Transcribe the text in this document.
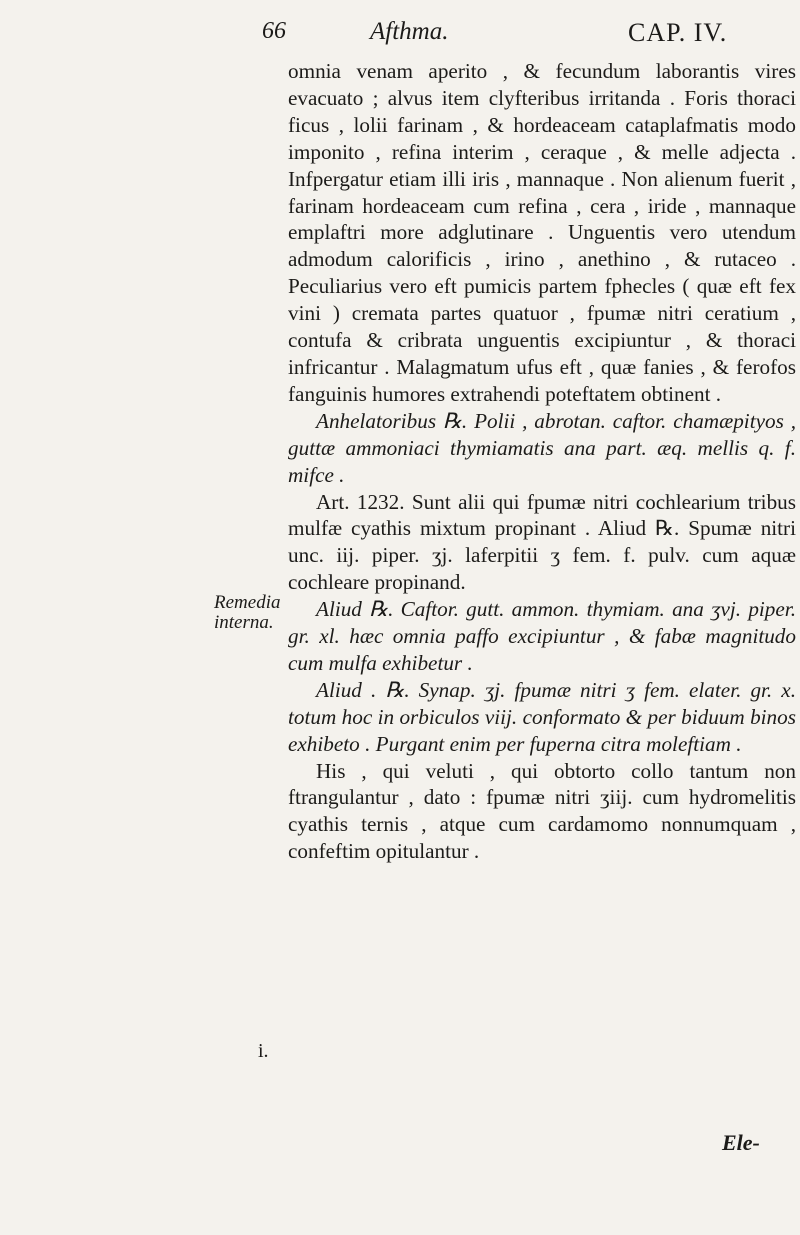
66	Afthma.	CAP. IV.
Remedia
interna.
i.

omnia venam aperito , & fecundum laborantis vires evacuato ; alvus item clyfteribus irritanda . Foris thoraci ficus , lolii farinam , & hordeaceam cataplafmatis modo imponito , refina interim , ceraque , & melle adjecta . Infpergatur etiam illi iris , mannaque . Non alienum fuerit , farinam hordeaceam cum refina , cera , iride , mannaque emplaftri more adglutinare . Unguentis vero utendum admodum calorificis , irino , anethino , & rutaceo . Peculiarius vero eft pumicis partem fphecles ( quæ eft fex vini ) cremata partes quatuor , fpumæ nitri ceratium , contufa & cribrata unguentis excipiuntur , & thoraci infricantur . Malagmatum ufus eft , quæ fanies , & ferofos fanguinis humores extrahendi poteftatem obtinent .

Anhelatoribus ℞. Polii , abrotan. caftor. chamæpityos , guttæ ammoniaci thymiamatis ana part. æq. mellis q. f. mifce .

Art. 1232. Sunt alii qui fpumæ nitri cochlearium tribus mulfæ cyathis mixtum propinant . Aliud ℞. Spumæ nitri unc. iij. piper. ʒj. laferpitii ʒ fem. f. pulv. cum aquæ cochleare propinand.

Aliud ℞. Caftor. gutt. ammon. thymiam. ana ʒvj. piper. gr. xl. hæc omnia paffo excipiuntur , & fabæ magnitudo cum mulfa exhibetur .

Aliud . ℞. Synap. ʒj. fpumæ nitri ʒ fem. elater. gr. x. totum hoc in orbiculos viij. conformato & per biduum binos exhibeto . Purgant enim per fuperna citra moleftiam .

His , qui veluti , qui obtorto collo tantum non ftrangulantur , dato : fpumæ nitri ʒiij. cum hydromelitis cyathis ternis , atque cum cardamomo nonnumquam , confeftim opitulantur .

Ele-
